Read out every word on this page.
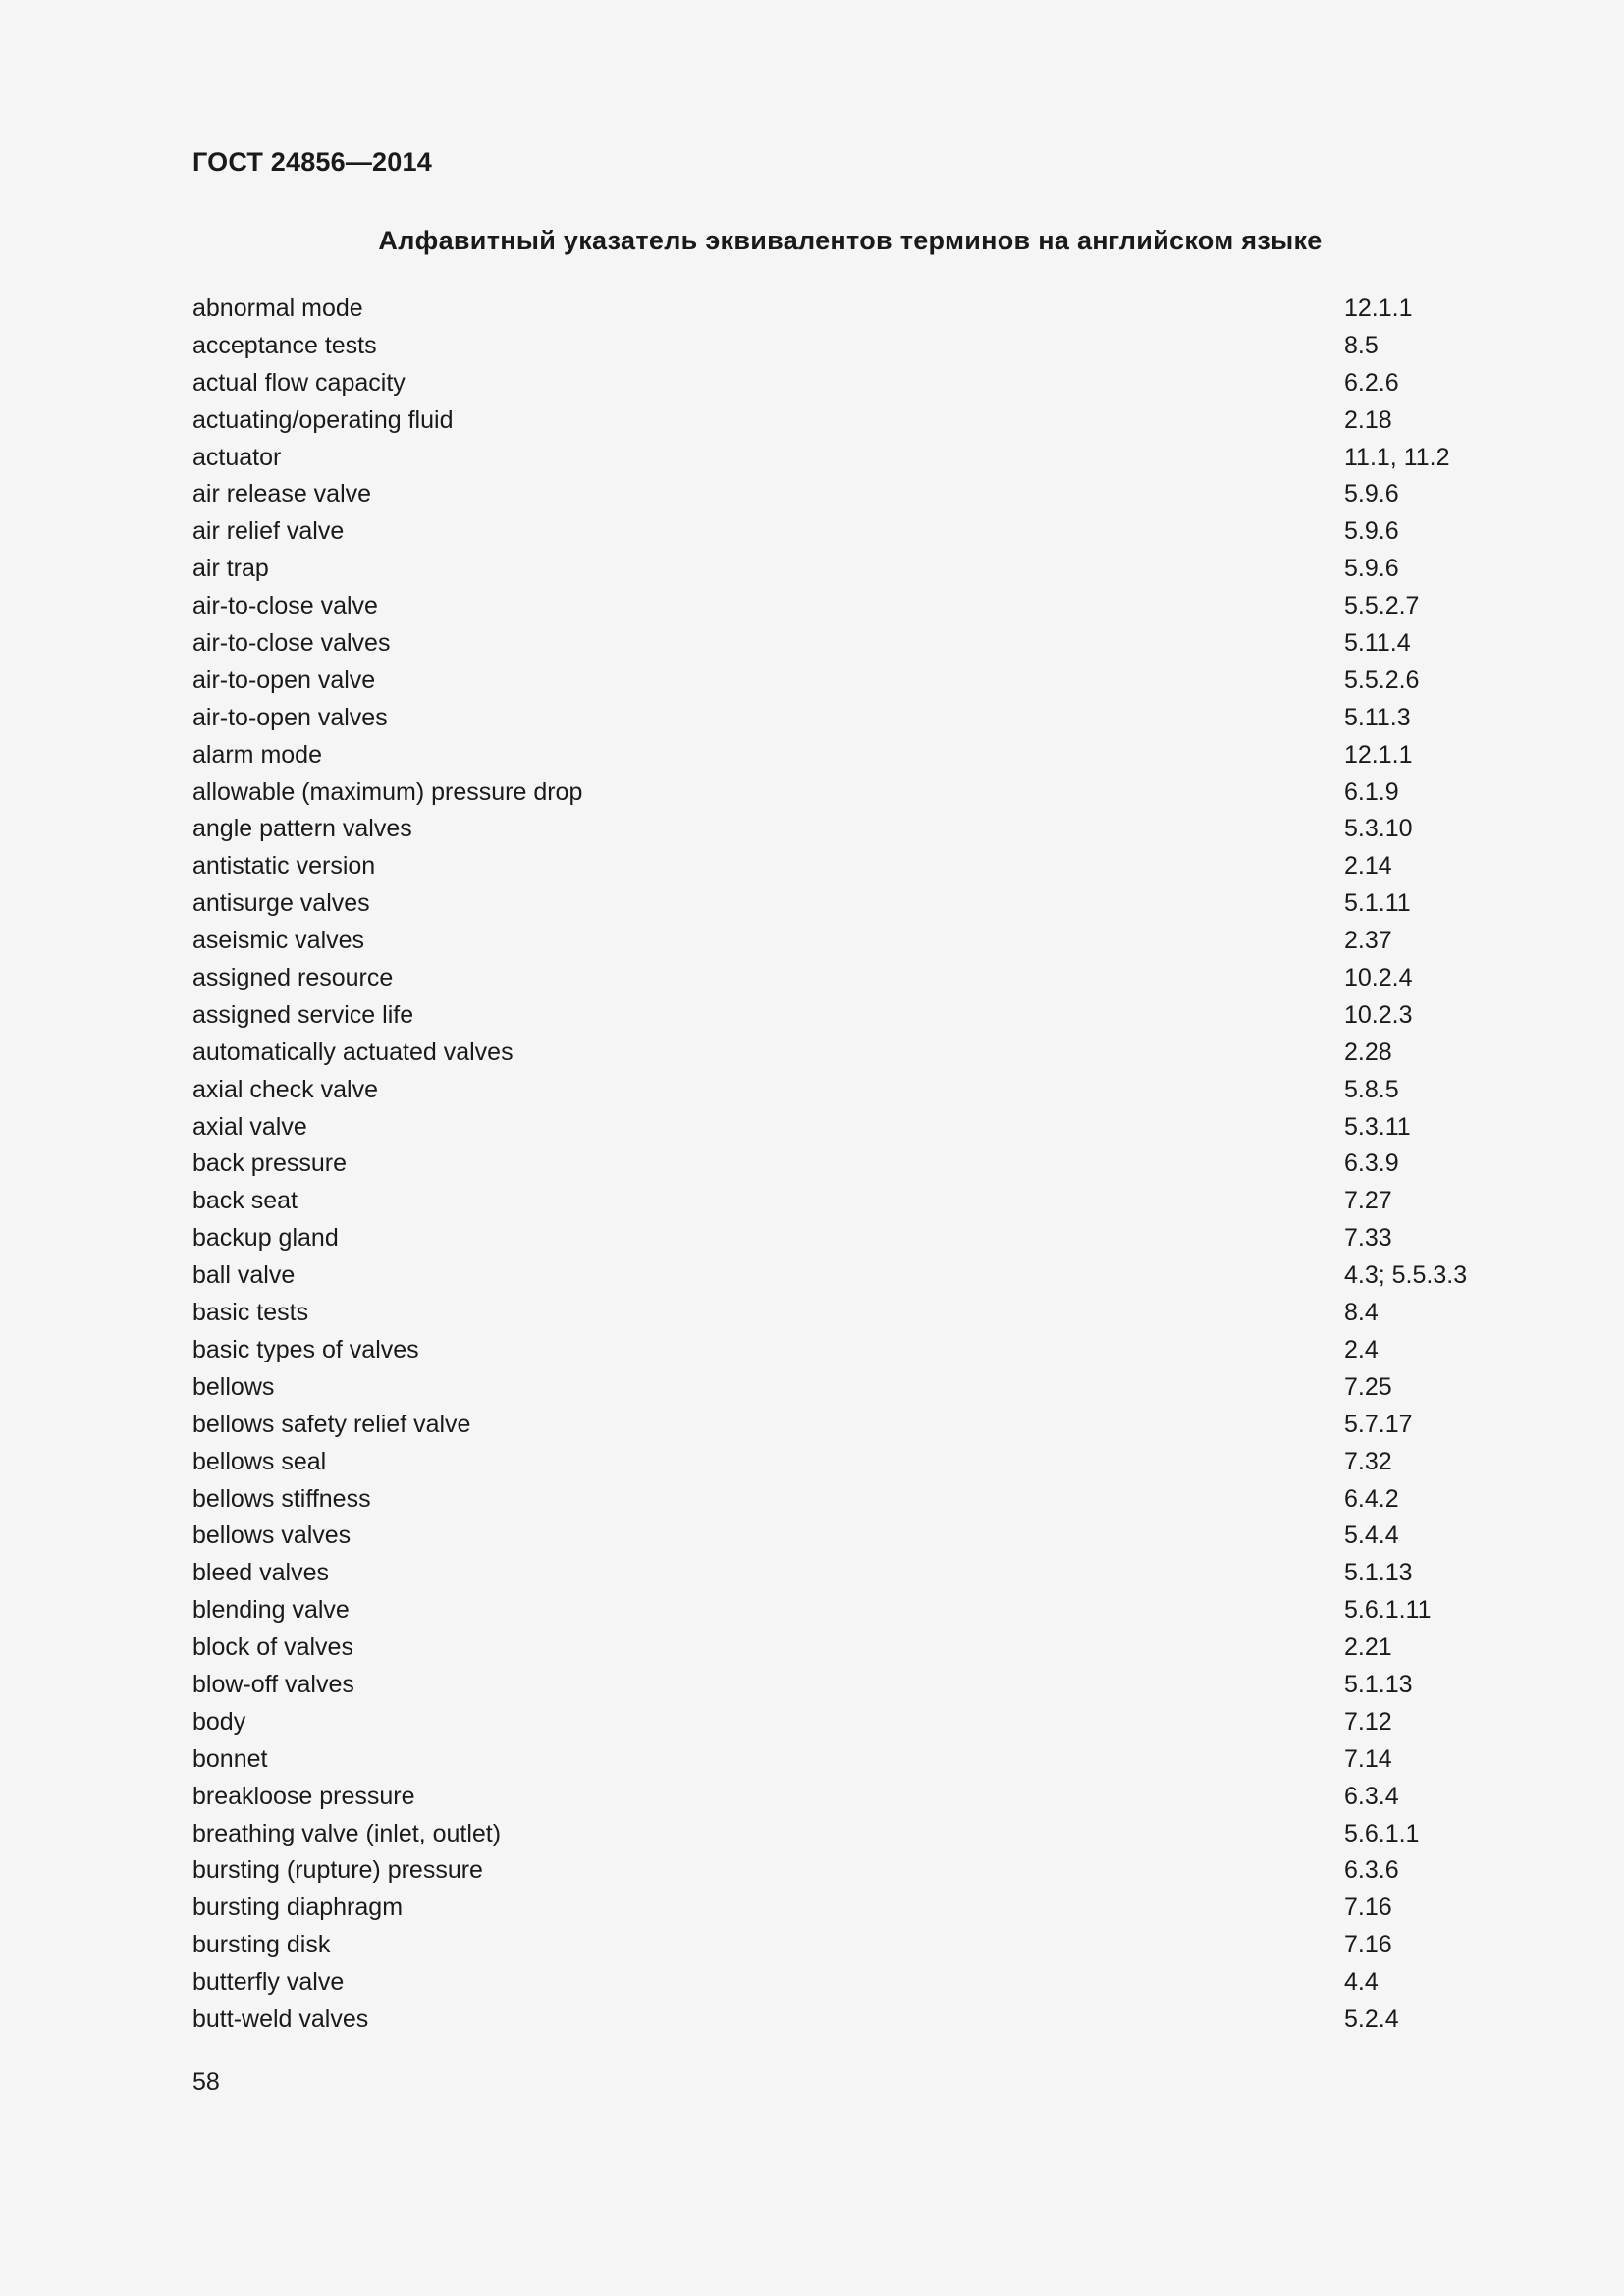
ГОСТ 24856—2014
Алфавитный указатель эквивалентов терминов на английском языке
abnormal mode	12.1.1
acceptance tests	8.5
actual flow capacity	6.2.6
actuating/operating fluid	2.18
actuator	11.1, 11.2
air release valve	5.9.6
air relief valve	5.9.6
air trap	5.9.6
air-to-close valve	5.5.2.7
air-to-close valves	5.11.4
air-to-open valve	5.5.2.6
air-to-open valves	5.11.3
alarm mode	12.1.1
allowable (maximum) pressure drop	6.1.9
angle pattern valves	5.3.10
antistatic version	2.14
antisurge valves	5.1.11
aseismic valves	2.37
assigned resource	10.2.4
assigned service life	10.2.3
automatically actuated valves	2.28
axial check valve	5.8.5
axial valve	5.3.11
back pressure	6.3.9
back seat	7.27
backup gland	7.33
ball valve	4.3; 5.5.3.3
basic tests	8.4
basic types of valves	2.4
bellows	7.25
bellows safety relief valve	5.7.17
bellows seal	7.32
bellows stiffness	6.4.2
bellows valves	5.4.4
bleed valves	5.1.13
blending valve	5.6.1.11
block of valves	2.21
blow-off valves	5.1.13
body	7.12
bonnet	7.14
breakloose pressure	6.3.4
breathing valve (inlet, outlet)	5.6.1.1
bursting (rupture) pressure	6.3.6
bursting diaphragm	7.16
bursting disk	7.16
butterfly valve	4.4
butt-weld valves	5.2.4
58
